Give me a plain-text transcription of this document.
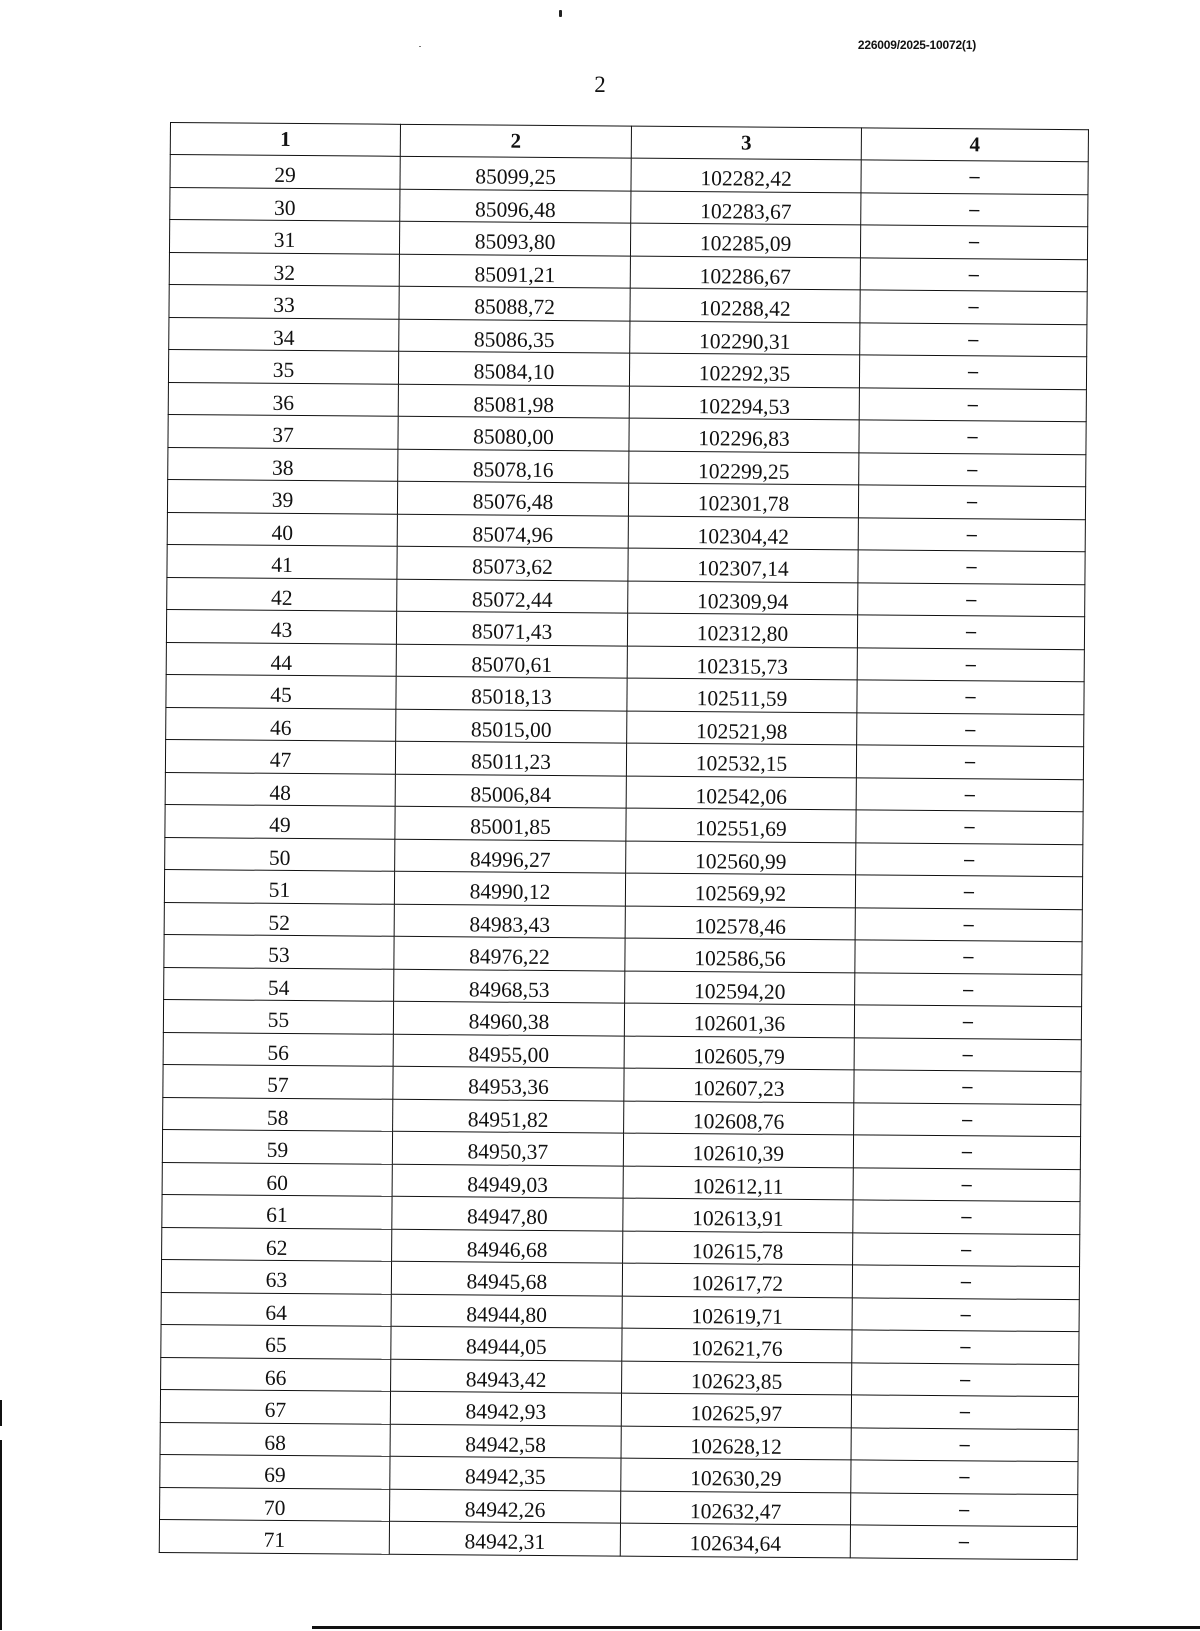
226009/2025-10072(1)
2
1	2	3	4
29	85099,25	102282,42	–
30	85096,48	102283,67	–
31	85093,80	102285,09	–
32	85091,21	102286,67	–
33	85088,72	102288,42	–
34	85086,35	102290,31	–
35	85084,10	102292,35	–
36	85081,98	102294,53	–
37	85080,00	102296,83	–
38	85078,16	102299,25	–
39	85076,48	102301,78	–
40	85074,96	102304,42	–
41	85073,62	102307,14	–
42	85072,44	102309,94	–
43	85071,43	102312,80	–
44	85070,61	102315,73	–
45	85018,13	102511,59	–
46	85015,00	102521,98	–
47	85011,23	102532,15	–
48	85006,84	102542,06	–
49	85001,85	102551,69	–
50	84996,27	102560,99	–
51	84990,12	102569,92	–
52	84983,43	102578,46	–
53	84976,22	102586,56	–
54	84968,53	102594,20	–
55	84960,38	102601,36	–
56	84955,00	102605,79	–
57	84953,36	102607,23	–
58	84951,82	102608,76	–
59	84950,37	102610,39	–
60	84949,03	102612,11	–
61	84947,80	102613,91	–
62	84946,68	102615,78	–
63	84945,68	102617,72	–
64	84944,80	102619,71	–
65	84944,05	102621,76	–
66	84943,42	102623,85	–
67	84942,93	102625,97	–
68	84942,58	102628,12	–
69	84942,35	102630,29	–
70	84942,26	102632,47	–
71	84942,31	102634,64	–
